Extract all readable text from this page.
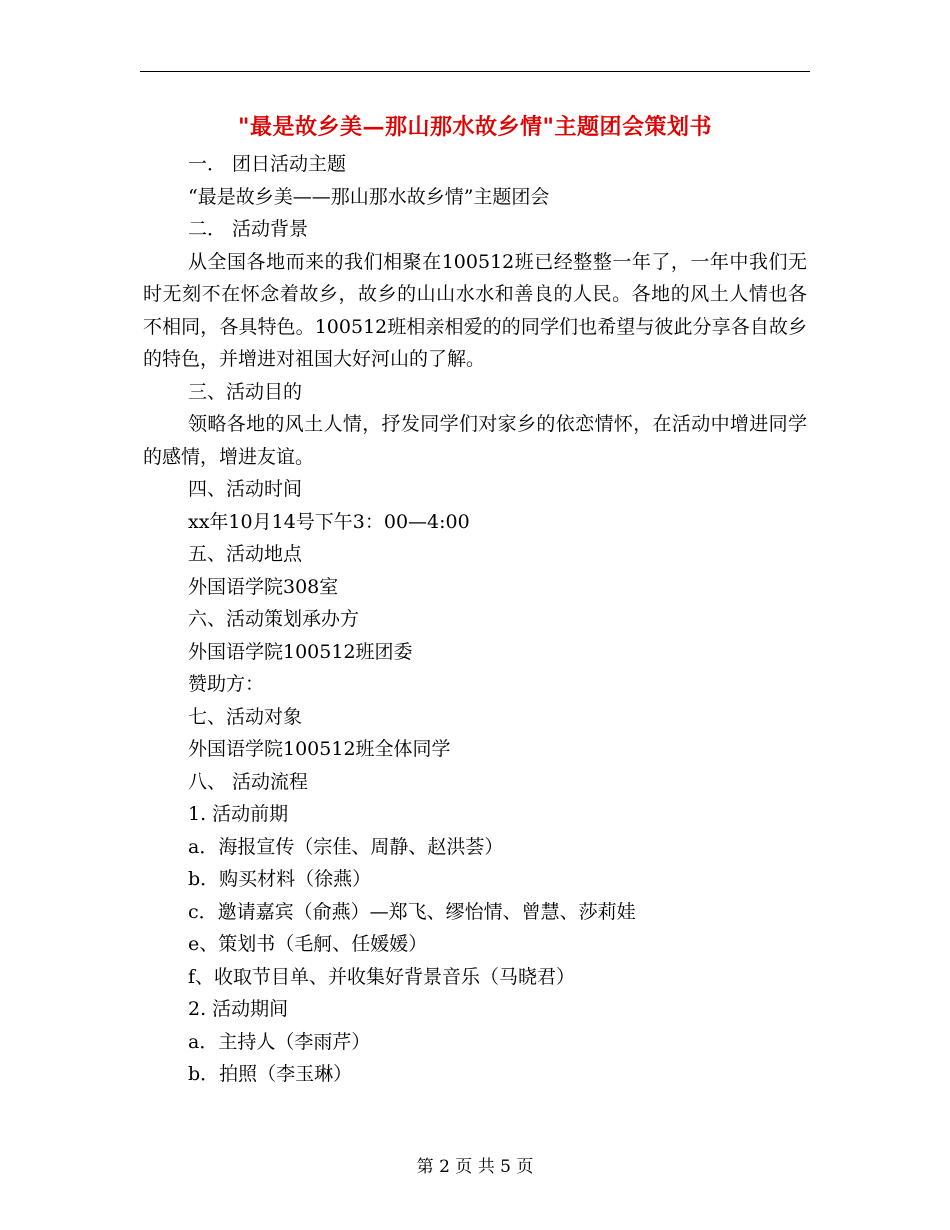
"最是故乡美—那山那水故乡情"主题团会策划书

一． 团日活动主题

“最是故乡美——那山那水故乡情”主题团会

二． 活动背景

从全国各地而来的我们相聚在100512班已经整整一年了，一年中我们无时无刻不在怀念着故乡，故乡的山山水水和善良的人民。各地的风土人情也各不相同，各具特色。100512班相亲相爱的的同学们也希望与彼此分享各自故乡的特色，并增进对祖国大好河山的了解。

三、活动目的

领略各地的风土人情，抒发同学们对家乡的依恋情怀，在活动中增进同学的感情，增进友谊。

四、活动时间

xx年10月14号下午3：00—4:00

五、活动地点

外国语学院308室

六、活动策划承办方

外国语学院100512班团委

赞助方：

七、活动对象

外国语学院100512班全体同学

八、 活动流程

1. 活动前期

a．海报宣传（宗佳、周静、赵洪荟）

b．购买材料（徐燕）

c．邀请嘉宾（俞燕）—郑飞、缪怡情、曾慧、莎莉娃

e、策划书（毛舸、任媛媛）

f、收取节目单、并收集好背景音乐（马晓君）

2. 活动期间

a．主持人（李雨芹）

b．拍照（李玉琳）

第 2 页 共 5 页
